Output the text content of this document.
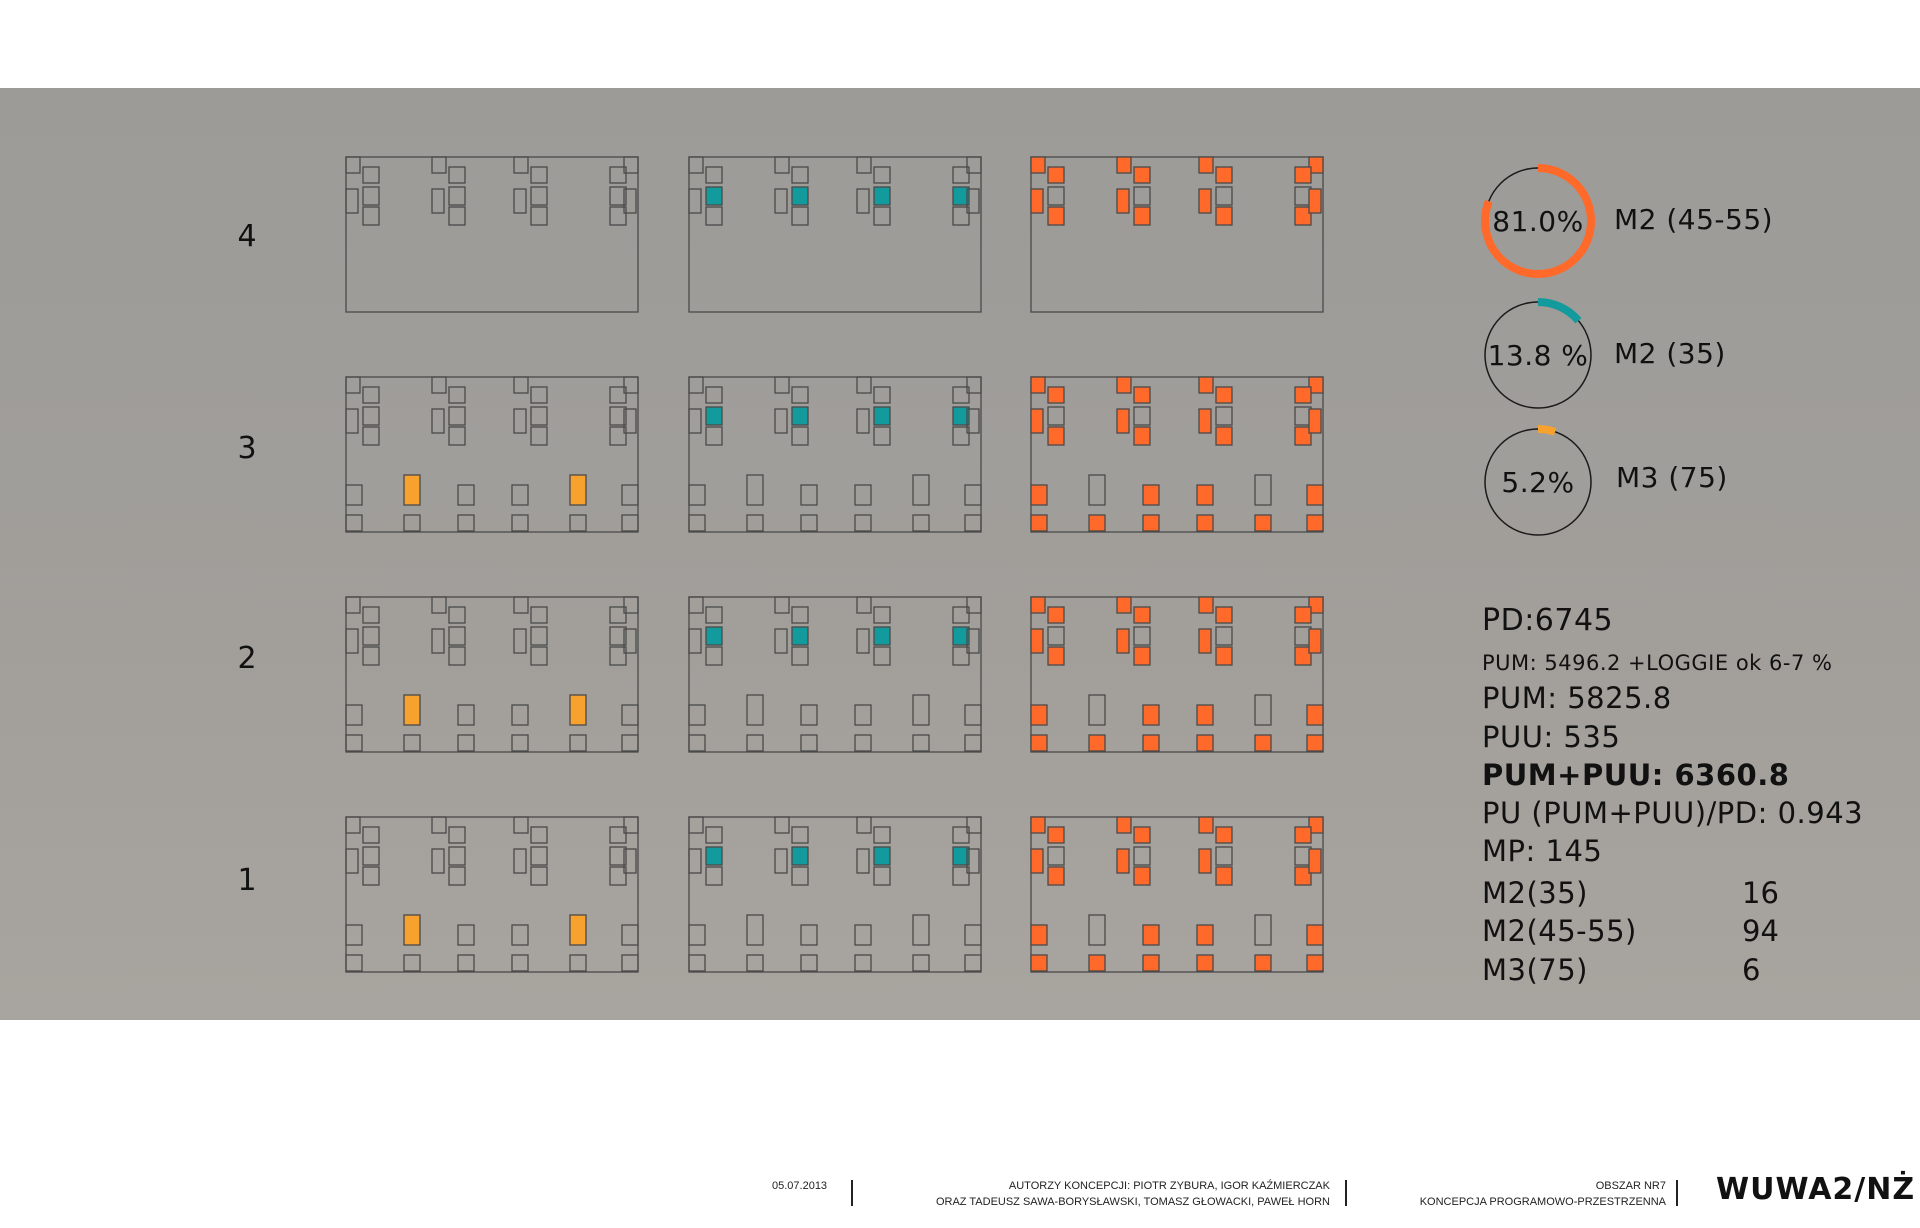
4
3
2
1
81.0%	M2 (45-55)
13.8 % M2 (35)
5.2%	M3 (75)
PD:6745
PUM: 5496.2 +LOGGIE ok 6-7 %
PUM: 5825.8
PUU: 535
PUM+PUU: 6360.8
PU (PUM+PUU)/PD: 0.943
MP: 145
M2(35)	16
M2(45-55)	94
M3(75)	6
05.07.2013	AUTORZY KONCEPCJI: PIOTR ZYBURA, IGOR KAŹMIERCZAK
ORAZ TADEUSZ SAWA-BORYSŁAWSKI, TOMASZ GŁOWACKI, PAWEŁ HORN
OBSZAR NR7
KONCEPCJA PROGRAMOWO-PRZESTRZENNA WUWA2/NŻ
